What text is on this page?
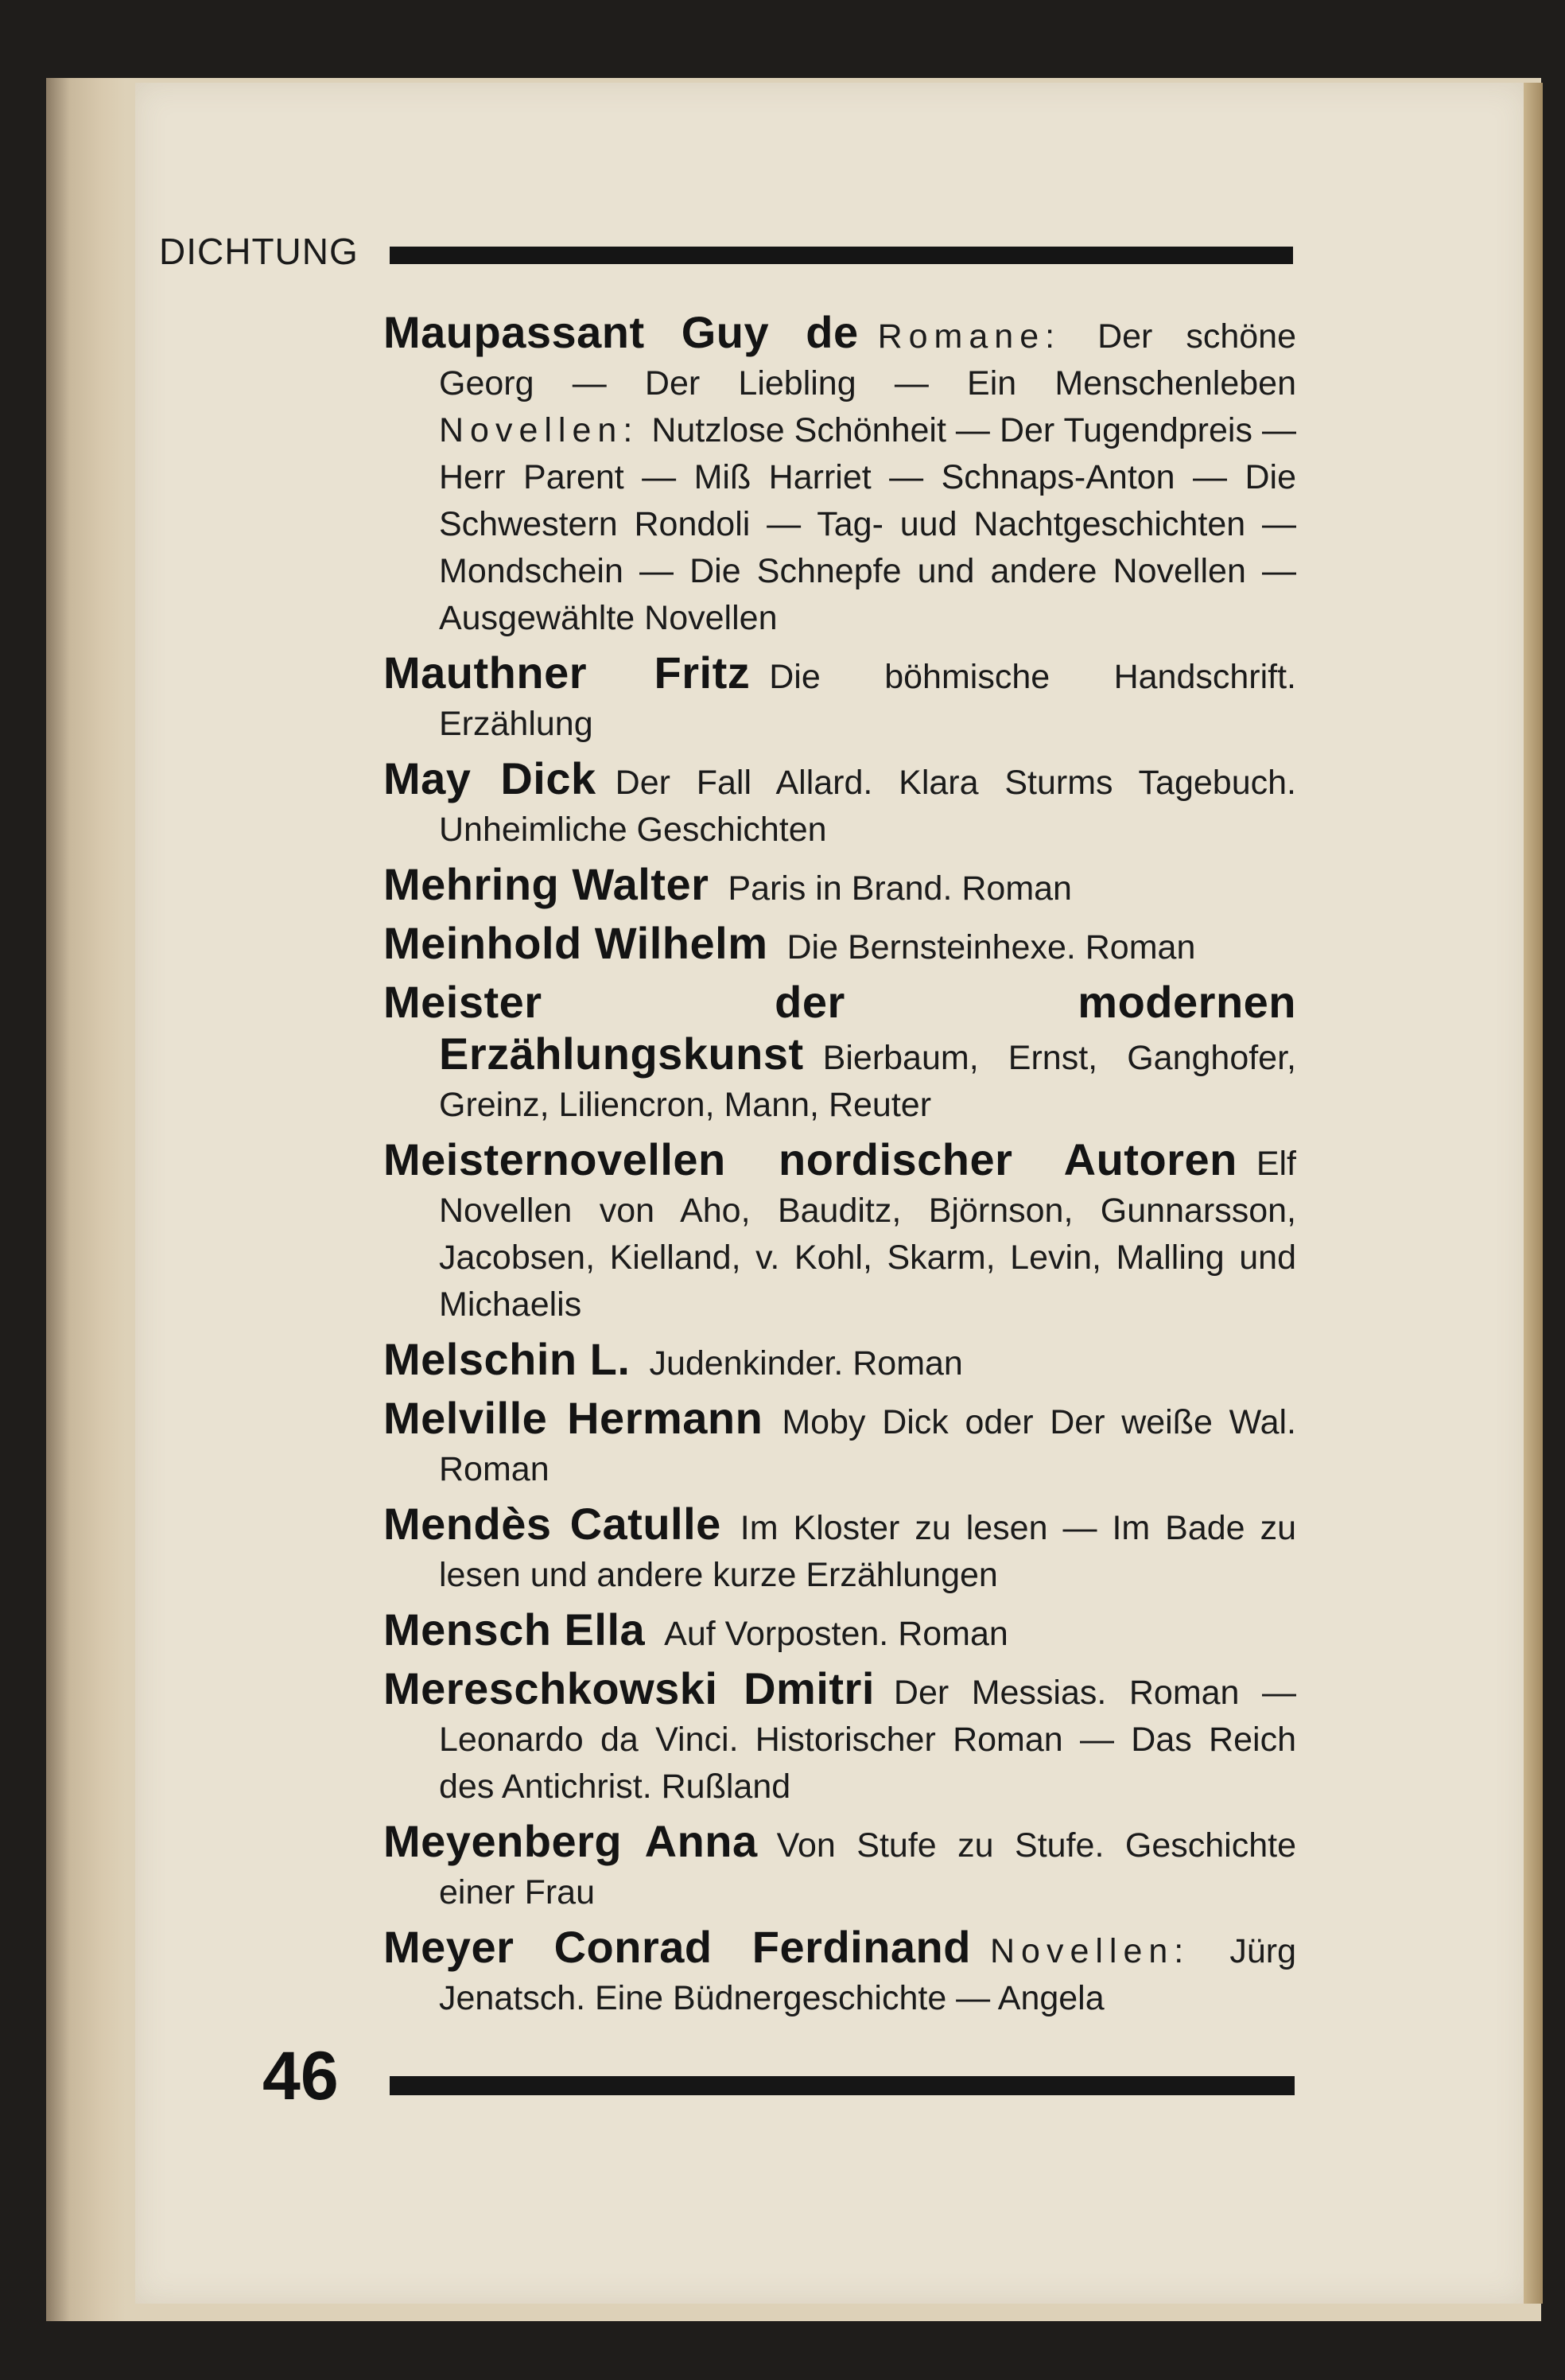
DICHTUNG
Maupassant Guy de Romane: Der schöne Georg — Der Liebling — Ein Menschenleben Novellen: Nutzlose Schönheit — Der Tugendpreis — Herr Parent — Miß Harriet — Schnaps-Anton — Die Schwestern Rondoli — Tag- uud Nachtgeschichten — Mondschein — Die Schnepfe und andere Novellen — Ausgewählte Novellen
Mauthner Fritz Die böhmische Handschrift. Erzählung
May Dick Der Fall Allard. Klara Sturms Tagebuch. Unheimliche Geschichten
Mehring Walter Paris in Brand. Roman
Meinhold Wilhelm Die Bernsteinhexe. Roman
Meister der modernen Erzählungskunst Bierbaum, Ernst, Ganghofer, Greinz, Liliencron, Mann, Reuter
Meisternovellen nordischer Autoren Elf Novellen von Aho, Bauditz, Björnson, Gunnarsson, Jacobsen, Kielland, v. Kohl, Skarm, Levin, Malling und Michaelis
Melschin L. Judenkinder. Roman
Melville Hermann Moby Dick oder Der weiße Wal. Roman
Mendès Catulle Im Kloster zu lesen — Im Bade zu lesen und andere kurze Erzählungen
Mensch Ella Auf Vorposten. Roman
Mereschkowski Dmitri Der Messias. Roman — Leonardo da Vinci. Historischer Roman — Das Reich des Antichrist. Rußland
Meyenberg Anna Von Stufe zu Stufe. Geschichte einer Frau
Meyer Conrad Ferdinand Novellen: Jürg Jenatsch. Eine Büdnergeschichte — Angela
46
